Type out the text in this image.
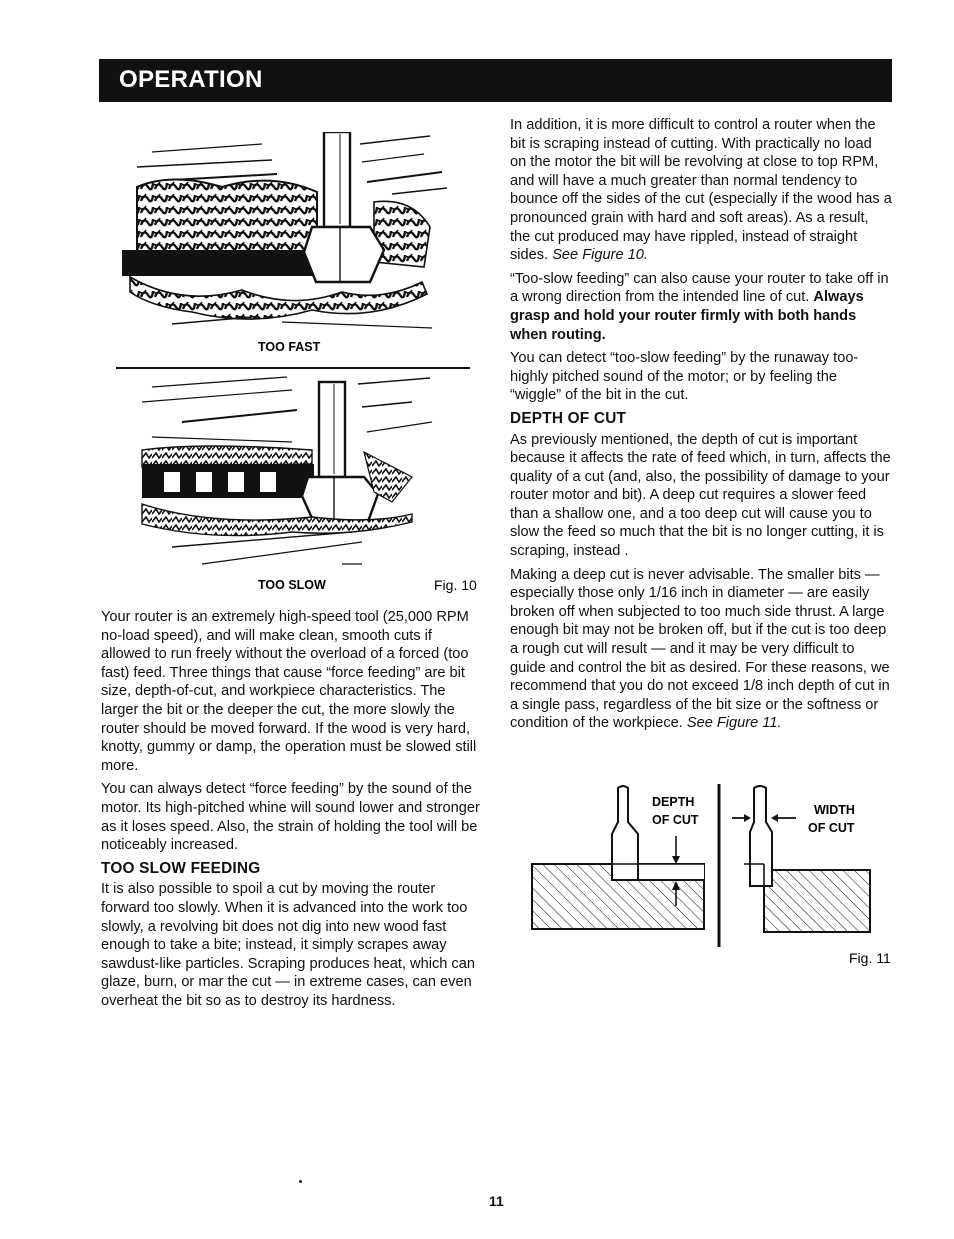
OPERATION
TOO FAST
TOO SLOW	Fig. 10

Your router is an extremely high-speed tool (25,000 RPM no-load speed), and will make clean, smooth cuts if allowed to run freely without the overload of a forced (too fast) feed. Three things that cause “force feeding” are bit size, depth-of-cut, and workpiece characteristics. The larger the bit or the deeper the cut, the more slowly the router should be moved forward. If the wood is very hard, knotty, gummy or damp, the operation must be slowed still more.

You can always detect “force feeding” by the sound of the motor. Its high-pitched whine will sound lower and stronger as it loses speed. Also, the strain of holding the tool will be noticeably increased.

TOO SLOW FEEDING

It is also possible to spoil a cut by moving the router forward too slowly. When it is advanced into the work too slowly, a revolving bit does not dig into new wood fast enough to take a bite; instead, it simply scrapes away sawdust-like particles. Scraping produces heat, which can glaze, burn, or mar the cut — in extreme cases, can even overheat the bit so as to destroy its hardness.

In addition, it is more difficult to control a router when the bit is scraping instead of cutting. With practically no load on the motor the bit will be revolving at close to top RPM, and will have a much greater than normal tendency to bounce off the sides of the cut (especially if the wood has a pronounced grain with hard and soft areas). As a result, the cut produced may have rippled, instead of straight sides. See Figure 10.

“Too-slow feeding” can also cause your router to take off in a wrong direction from the intended line of cut. Always grasp and hold your router firmly with both hands when routing.

You can detect “too-slow feeding” by the runaway too-highly pitched sound of the motor; or by feeling the “wiggle” of the bit in the cut.

DEPTH OF CUT

As previously mentioned, the depth of cut is important because it affects the rate of feed which, in turn, affects the quality of a cut (and, also, the possibility of damage to your router motor and bit). A deep cut requires a slower feed than a shallow one, and a too deep cut will cause you to slow the feed so much that the bit is no longer cutting, it is scraping, instead .

Making a deep cut is never advisable. The smaller bits —especially those only 1/16 inch in diameter — are easily broken off when subjected to too much side thrust. A large enough bit may not be broken off, but if the cut is too deep a rough cut will result — and it may be very difficult to guide and control the bit as desired. For these reasons, we recommend that you do not exceed 1/8 inch depth of cut in a single pass, regardless of the bit size or the softness or condition of the workpiece. See Figure 11.

DEPTH
OF CUT
WIDTH
OF CUT
Fig. 11
11
